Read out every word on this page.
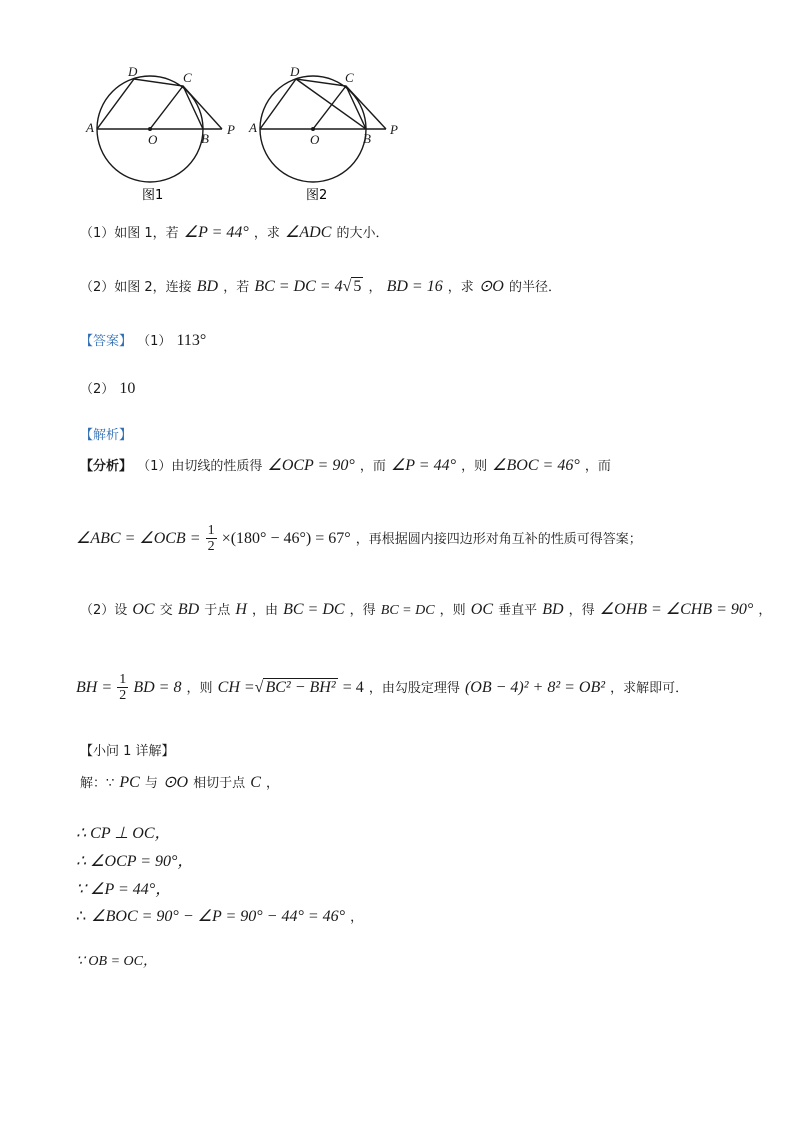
A
D	C
O	B
P
图1
A
D	C
O	B
P
图2
（1）如图 1，若 ∠P = 44° ，求 ∠ADC 的大小．
（2）如图 2，连接 BD ，若 BC = DC = 4√ 5 ， BD = 16 ，求 ⊙O 的半径．
【答案】 （1） 113°
（2） 10
【解析】
【分析】 （1）由切线的性质得 ∠OCP = 90° ，而 ∠P = 44° ，则 ∠BOC = 46° ，而
∠ABC = ∠OCB = $\frac{1}{2} \times(180^\circ - 46^\circ) = 67^\circ$ ，再根据圆内接四边形对角互补的性质可得答案；
（2）设 OC 交 BD 于点 H ，由 BC = DC ，得 BC = DC ，则 OC 垂直平 BD ，得 ∠OHB = ∠CHB = 90° ，
BH = $\frac{1}{2}$ BD = 8 ，则 CH =√ BC² − BH² = 4 ，由勾股定理得 (OB − 4)² + 8² = OB² ，求解即可．
【小问 1 详解】
解：∵ PC 与 ⊙O 相切于点 C ，
∴ CP ⊥ OC，
∴ ∠OCP = 90°，
∵ ∠P = 44°，
∴ ∠BOC = 90° − ∠P = 90° − 44° = 46° ，
∵ OB = OC，
